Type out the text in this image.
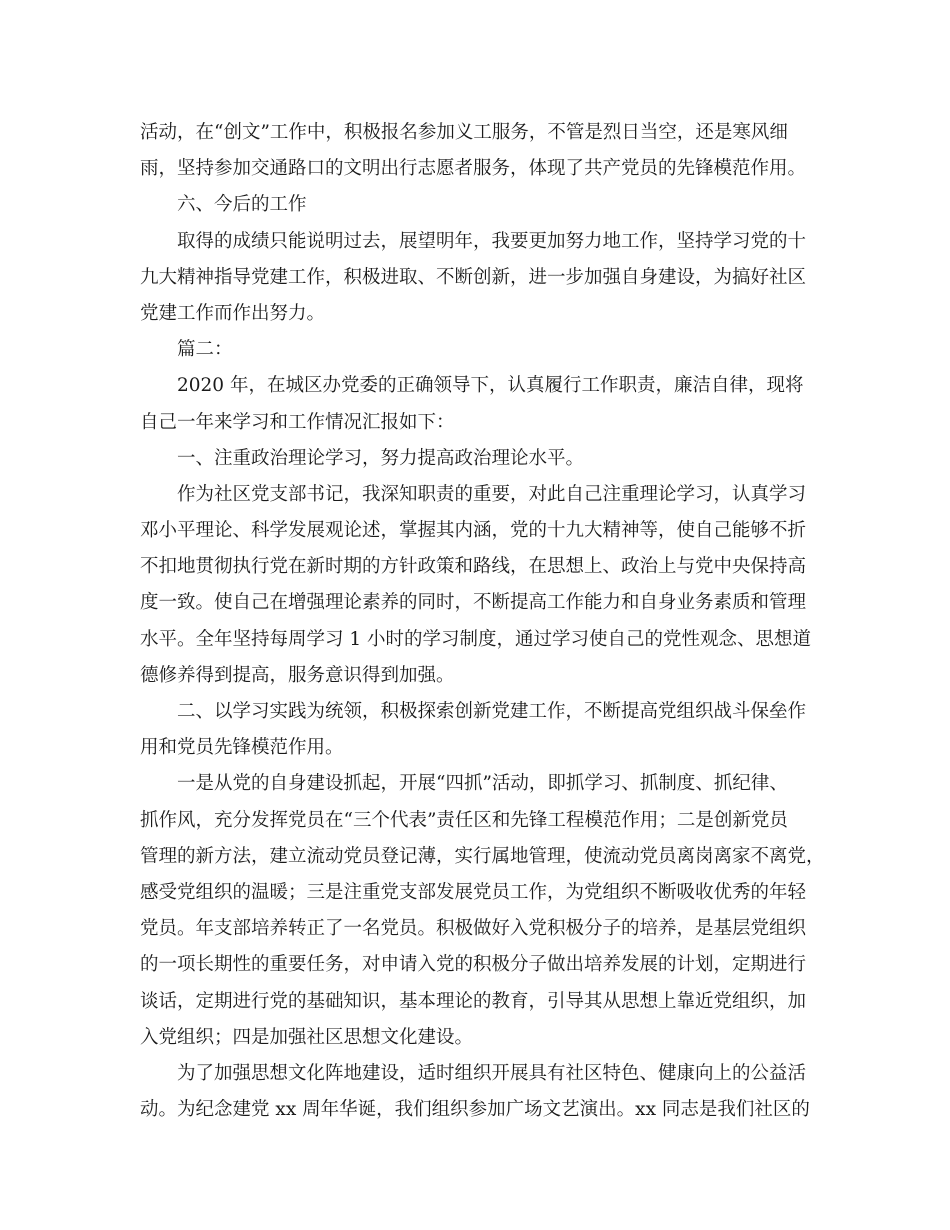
活动，在“创文”工作中，积极报名参加义工服务，不管是烈日当空，还是寒风细
雨，坚持参加交通路口的文明出行志愿者服务，体现了共产党员的先锋模范作用。
　　六、今后的工作
　　取得的成绩只能说明过去，展望明年，我要更加努力地工作，坚持学习党的十
九大精神指导党建工作，积极进取、不断创新，进一步加强自身建设，为搞好社区
党建工作而作出努力。
　　篇二：
　　2020 年，在城区办党委的正确领导下，认真履行工作职责，廉洁自律，现将
自己一年来学习和工作情况汇报如下：
　　一、注重政治理论学习，努力提高政治理论水平。
　　作为社区党支部书记，我深知职责的重要，对此自己注重理论学习，认真学习
邓小平理论、科学发展观论述，掌握其内涵，党的十九大精神等，使自己能够不折
不扣地贯彻执行党在新时期的方针政策和路线，在思想上、政治上与党中央保持高
度一致。使自己在增强理论素养的同时，不断提高工作能力和自身业务素质和管理
水平。全年坚持每周学习 1 小时的学习制度，通过学习使自己的党性观念、思想道
德修养得到提高，服务意识得到加强。
　　二、以学习实践为统领，积极探索创新党建工作，不断提高党组织战斗保垒作
用和党员先锋模范作用。
　　一是从党的自身建设抓起，开展“四抓”活动，即抓学习、抓制度、抓纪律、
抓作风，充分发挥党员在“三个代表”责任区和先锋工程模范作用；二是创新党员
管理的新方法，建立流动党员登记薄，实行属地管理，使流动党员离岗离家不离党，
感受党组织的温暖；三是注重党支部发展党员工作，为党组织不断吸收优秀的年轻
党员。年支部培养转正了一名党员。积极做好入党积极分子的培养，是基层党组织
的一项长期性的重要任务，对申请入党的积极分子做出培养发展的计划，定期进行
谈话，定期进行党的基础知识，基本理论的教育，引导其从思想上靠近党组织，加
入党组织；四是加强社区思想文化建设。
　　为了加强思想文化阵地建设，适时组织开展具有社区特色、健康向上的公益活
动。为纪念建党 xx 周年华诞，我们组织参加广场文艺演出。xx 同志是我们社区的
